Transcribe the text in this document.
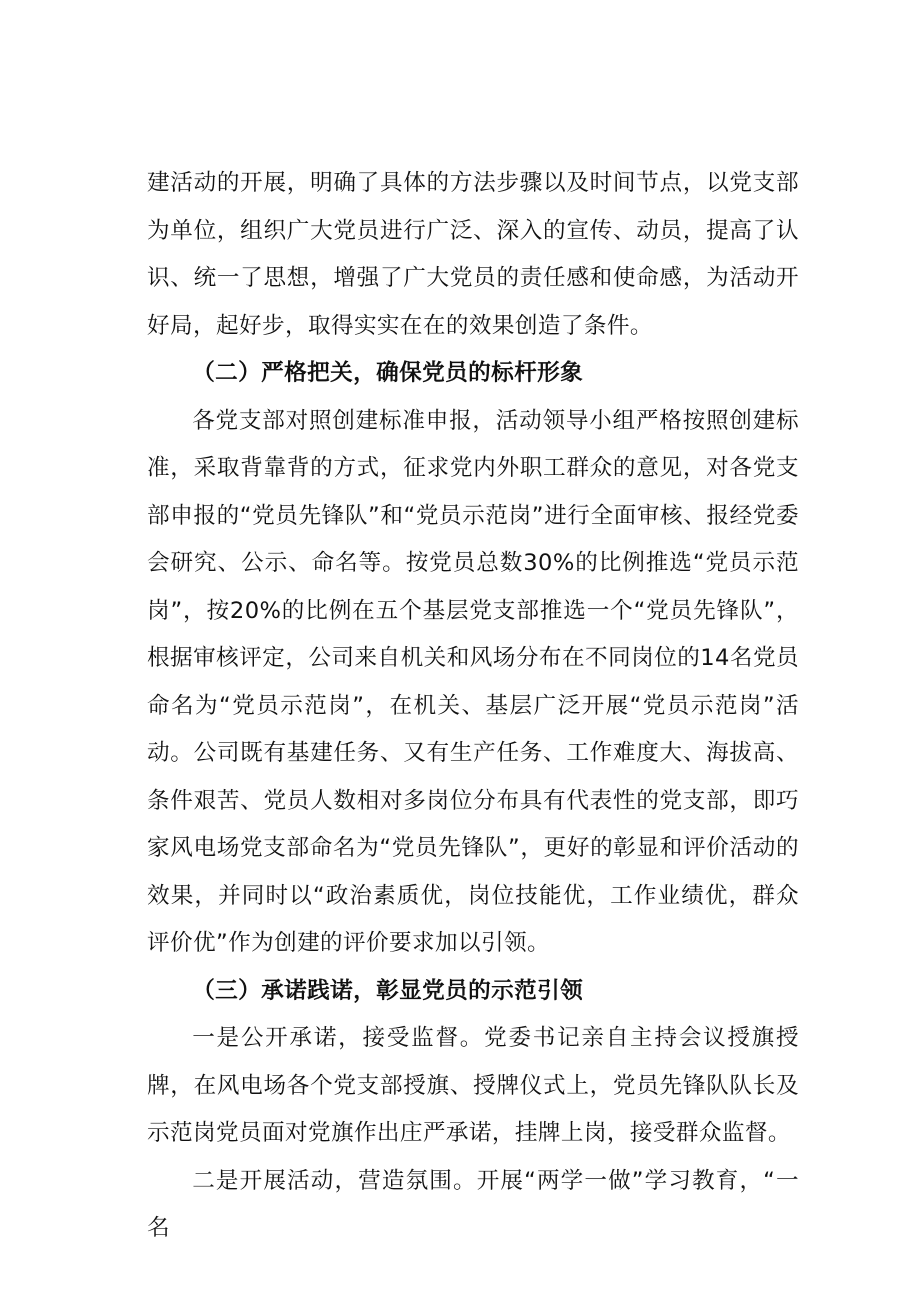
建活动的开展，明确了具体的方法步骤以及时间节点，以党支部为单位，组织广大党员进行广泛、深入的宣传、动员，提高了认识、统一了思想，增强了广大党员的责任感和使命感，为活动开好局，起好步，取得实实在在的效果创造了条件。

（二）严格把关，确保党员的标杆形象

各党支部对照创建标准申报，活动领导小组严格按照创建标准，采取背靠背的方式，征求党内外职工群众的意见，对各党支部申报的“党员先锋队”和“党员示范岗”进行全面审核、报经党委会研究、公示、命名等。按党员总数30%的比例推选“党员示范岗”，按20%的比例在五个基层党支部推选一个“党员先锋队”，根据审核评定，公司来自机关和风场分布在不同岗位的14名党员命名为“党员示范岗”，在机关、基层广泛开展“党员示范岗”活动。公司既有基建任务、又有生产任务、工作难度大、海拔高、条件艰苦、党员人数相对多岗位分布具有代表性的党支部，即巧家风电场党支部命名为“党员先锋队”，更好的彰显和评价活动的效果，并同时以“政治素质优，岗位技能优，工作业绩优，群众评价优”作为创建的评价要求加以引领。

（三）承诺践诺，彰显党员的示范引领

一是公开承诺，接受监督。党委书记亲自主持会议授旗授牌，在风电场各个党支部授旗、授牌仪式上，党员先锋队队长及示范岗党员面对党旗作出庄严承诺，挂牌上岗，接受群众监督。

二是开展活动，营造氛围。开展“两学一做”学习教育，“一名
